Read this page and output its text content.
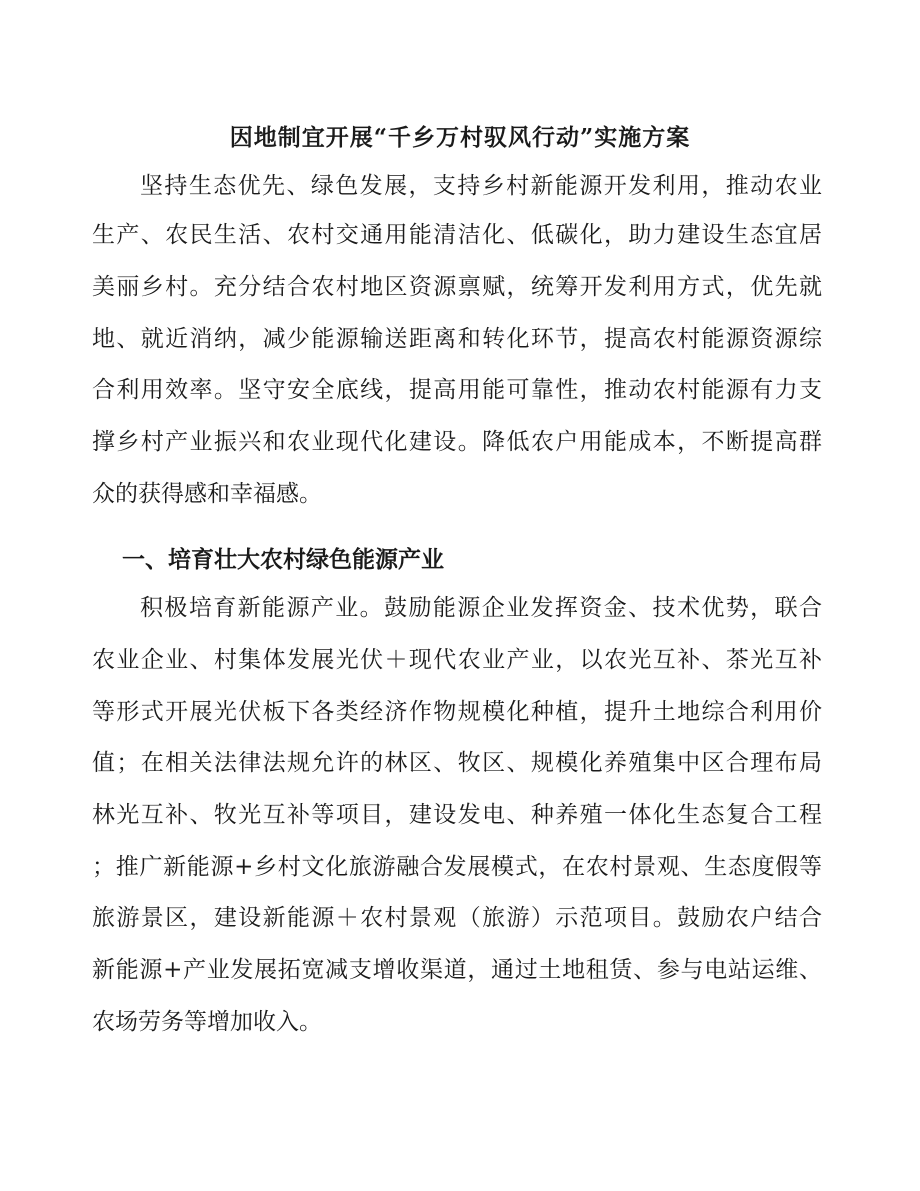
因地制宜开展“千乡万村驭风行动”实施方案
坚持生态优先、绿色发展，支持乡村新能源开发利用，推动农业
生产、农民生活、农村交通用能清洁化、低碳化，助力建设生态宜居
美丽乡村。充分结合农村地区资源禀赋，统筹开发利用方式，优先就
地、就近消纳，减少能源输送距离和转化环节，提高农村能源资源综
合利用效率。坚守安全底线，提高用能可靠性，推动农村能源有力支
撑乡村产业振兴和农业现代化建设。降低农户用能成本，不断提高群
众的获得感和幸福感。
一、培育壮大农村绿色能源产业
积极培育新能源产业。鼓励能源企业发挥资金、技术优势，联合
农业企业、村集体发展光伏＋现代农业产业，以农光互补、茶光互补
等形式开展光伏板下各类经济作物规模化种植，提升土地综合利用价
值；在相关法律法规允许的林区、牧区、规模化养殖集中区合理布局
林光互补、牧光互补等项目，建设发电、种养殖一体化生态复合工程
；推广新能源+乡村文化旅游融合发展模式，在农村景观、生态度假等
旅游景区，建设新能源＋农村景观（旅游）示范项目。鼓励农户结合
新能源+产业发展拓宽减支增收渠道，通过土地租赁、参与电站运维、
农场劳务等增加收入。
